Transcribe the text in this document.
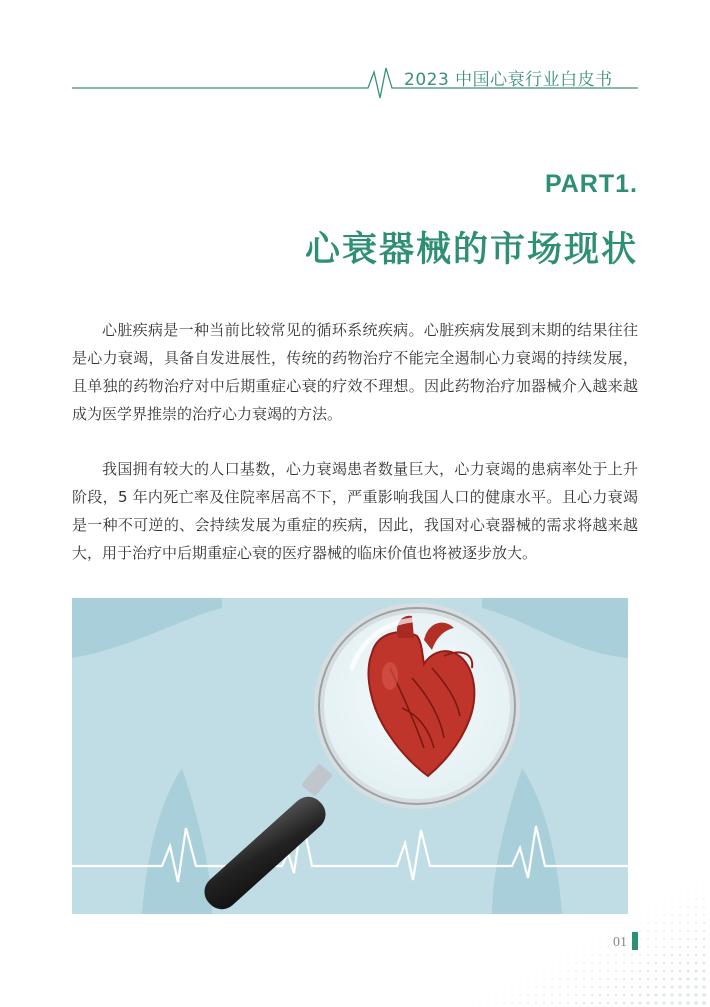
2023 中国心衰行业白皮书
PART1.
心衰器械的市场现状

心脏疾病是一种当前比较常见的循环系统疾病。心脏疾病发展到末期的结果往往是心力衰竭，具备自发进展性，传统的药物治疗不能完全遏制心力衰竭的持续发展，且单独的药物治疗对中后期重症心衰的疗效不理想。因此药物治疗加器械介入越来越成为医学界推崇的治疗心力衰竭的方法。

我国拥有较大的人口基数，心力衰竭患者数量巨大，心力衰竭的患病率处于上升阶段，5 年内死亡率及住院率居高不下，严重影响我国人口的健康水平。且心力衰竭是一种不可逆的、会持续发展为重症的疾病，因此，我国对心衰器械的需求将越来越大，用于治疗中后期重症心衰的医疗器械的临床价值也将被逐步放大。

01
